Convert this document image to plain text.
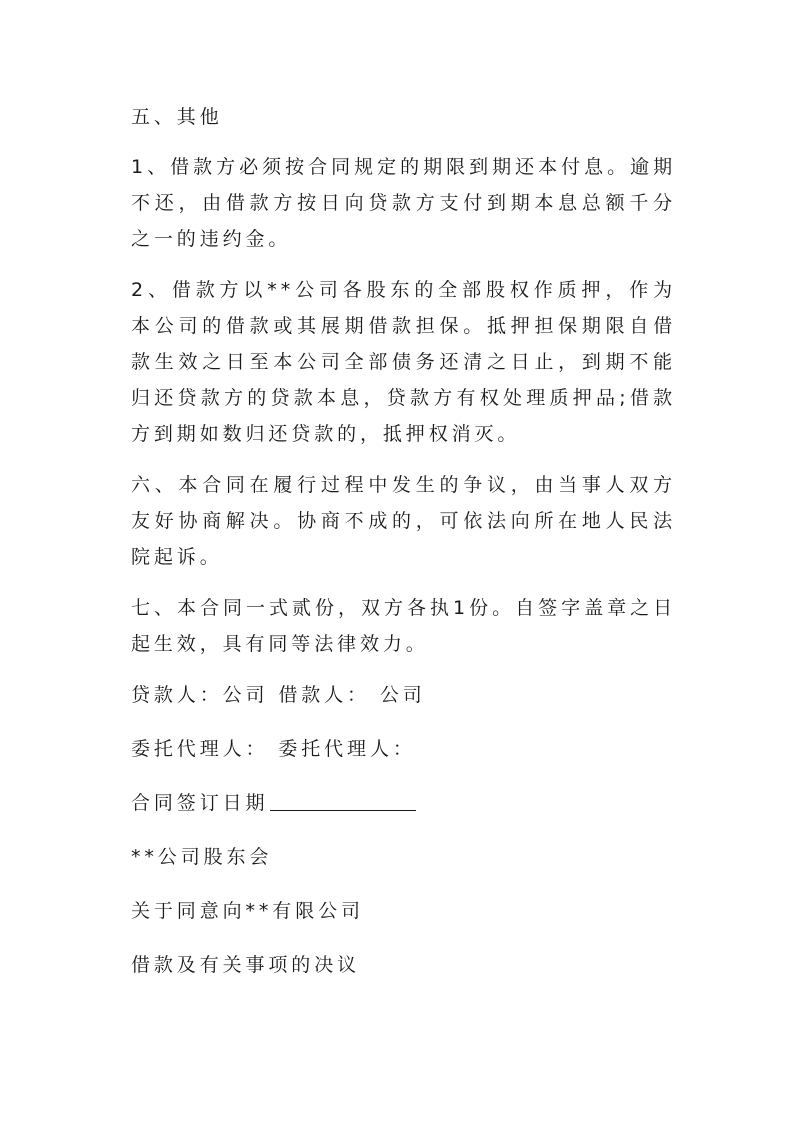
五、其他

1、借款方必须按合同规定的期限到期还本付息。逾期不还，由借款方按日向贷款方支付到期本息总额千分之一的违约金。

2、借款方以**公司各股东的全部股权作质押，作为本公司的借款或其展期借款担保。抵押担保期限自借款生效之日至本公司全部债务还清之日止，到期不能归还贷款方的贷款本息，贷款方有权处理质押品;借款方到期如数归还贷款的，抵押权消灭。

六、本合同在履行过程中发生的争议，由当事人双方友好协商解决。协商不成的，可依法向所在地人民法院起诉。

七、本合同一式贰份，双方各执1份。自签字盖章之日起生效，具有同等法律效力。

贷款人：公司 借款人： 公司

委托代理人： 委托代理人：

合同签订日期

**公司股东会

关于同意向**有限公司

借款及有关事项的决议
